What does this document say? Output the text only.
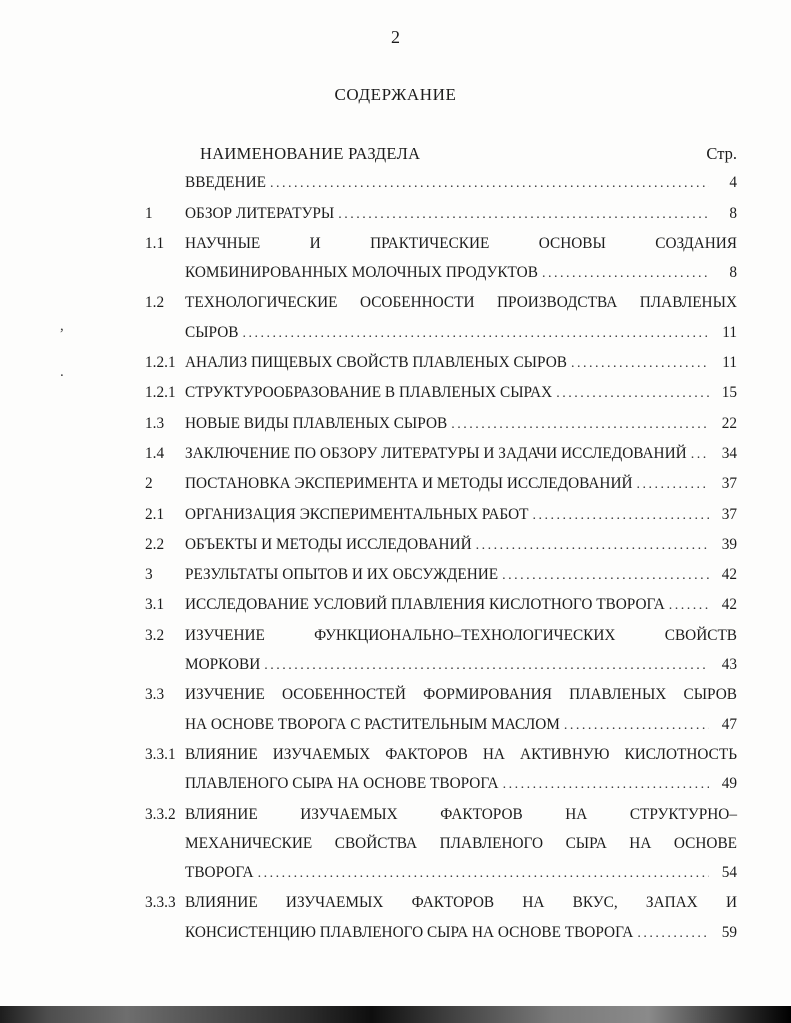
2
СОДЕРЖАНИЕ
НАИМЕНОВАНИЕ РАЗДЕЛА	Стр.
ВВЕДЕНИЕ .....	4
1	ОБЗОР ЛИТЕРАТУРЫ .....	8
1.1	НАУЧНЫЕ И ПРАКТИЧЕСКИЕ ОСНОВЫ СОЗДАНИЯ
КОМБИНИРОВАННЫХ МОЛОЧНЫХ ПРОДУКТОВ .....	8
1.2	ТЕХНОЛОГИЧЕСКИЕ ОСОБЕННОСТИ ПРОИЗВОДСТВА ПЛАВЛЕНЫХ
СЫРОВ .....	11
1.2.1 АНАЛИЗ ПИЩЕВЫХ СВОЙСТВ ПЛАВЛЕНЫХ СЫРОВ .....	11
1.2.1 СТРУКТУРООБРАЗОВАНИЕ В ПЛАВЛЕНЫХ СЫРАХ .....	15
1.3	НОВЫЕ ВИДЫ ПЛАВЛЕНЫХ СЫРОВ .....	22
1.4	ЗАКЛЮЧЕНИЕ ПО ОБЗОРУ ЛИТЕРАТУРЫ И ЗАДАЧИ ИССЛЕДОВАНИЙ .....	34
2	ПОСТАНОВКА ЭКСПЕРИМЕНТА И МЕТОДЫ ИССЛЕДОВАНИЙ .....	37
2.1	ОРГАНИЗАЦИЯ ЭКСПЕРИМЕНТАЛЬНЫХ РАБОТ .....	37
2.2	ОБЪЕКТЫ И МЕТОДЫ ИССЛЕДОВАНИЙ .....	39
3	РЕЗУЛЬТАТЫ ОПЫТОВ И ИХ ОБСУЖДЕНИЕ .....	42
3.1	ИССЛЕДОВАНИЕ УСЛОВИЙ ПЛАВЛЕНИЯ КИСЛОТНОГО ТВОРОГА .....	42
3.2	ИЗУЧЕНИЕ ФУНКЦИОНАЛЬНО–ТЕХНОЛОГИЧЕСКИХ СВОЙСТВ
МОРКОВИ .....	43
3.3	ИЗУЧЕНИЕ ОСОБЕННОСТЕЙ ФОРМИРОВАНИЯ ПЛАВЛЕНЫХ СЫРОВ
НА ОСНОВЕ ТВОРОГА С РАСТИТЕЛЬНЫМ МАСЛОМ .....	47
3.3.1 ВЛИЯНИЕ ИЗУЧАЕМЫХ ФАКТОРОВ НА АКТИВНУЮ КИСЛОТНОСТЬ
ПЛАВЛЕНОГО СЫРА НА ОСНОВЕ ТВОРОГА .....	49
3.3.2 ВЛИЯНИЕ ИЗУЧАЕМЫХ ФАКТОРОВ НА СТРУКТУРНО–
МЕХАНИЧЕСКИЕ СВОЙСТВА ПЛАВЛЕНОГО СЫРА НА ОСНОВЕ
ТВОРОГА .....	54
3.3.3 ВЛИЯНИЕ ИЗУЧАЕМЫХ ФАКТОРОВ НА ВКУС, ЗАПАХ И
КОНСИСТЕНЦИЮ ПЛАВЛЕНОГО СЫРА НА ОСНОВЕ ТВОРОГА .....	59
,
.
